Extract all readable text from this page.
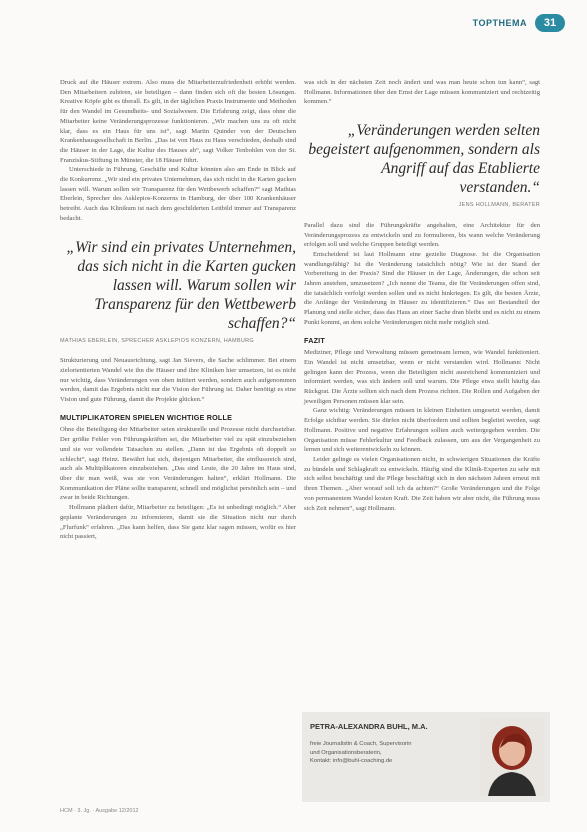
TOPTHEMA	31

Druck auf die Häuser extrem. Also muss die Mitarbeiterzufriedenheit erhöht werden. Den Mitarbeitern zuhören, sie beteiligen – dann finden sich oft die besten Lösungen. Kreative Köpfe gibt es überall. Es gilt, in der täglichen Praxis Instrumente und Methoden für den Wandel im Gesundheits- und Sozialwesen. Die Erfahrung zeigt, dass ohne die Mitarbeiter keine Veränderungsprozesse funktionieren. „Wir machen uns zu oft nicht klar, dass es ein Haus für uns ist“, sagt Martin Quinder von der Deutschen Krankenhausgesellschaft in Berlin. „Das ist von Haus zu Haus verschieden, deshalb sind die Häuser in der Lage, die Kultur des Hauses ab“, sagt Volker Tenbohlen von der St. Franziskus-Stiftung in Münster, die 18 Häuser führt.

Unterschiede in Führung, Geschäfte und Kultur könnten also am Ende in Blick auf die Konkurrenz. „Wir sind ein privates Unternehmen, das sich nicht in die Karten gucken lassen will. Warum sollen wir Transparenz für den Wettbewerb schaffen?“ sagt Mathias Eberlein, Sprecher des Asklepios-Konzerns in Hamburg, der über 100 Krankenhäuser betreibt. Auch das Klinikum ist nach dem geschilderten Leitbild immer auf Transparenz bedacht.

„Wir sind ein privates Unternehmen, das sich nicht in die Karten gucken lassen will. Warum sollen wir Transparenz für den Wettbewerb schaffen?“
MATHIAS EBERLEIN, SPRECHER ASKLEPIOS KONZERN, HAMBURG

Strukturierung und Neuausrichtung, sagt Jan Sievers, die Sache schlimmer. Bei einem zielorientierten Wandel wie ihn die Häuser und ihre Kliniken hier umsetzen, ist es nicht nur wichtig, dass Veränderungen von oben initiiert werden, sondern auch aufgenommen werden, damit das Ergebnis nicht nur die Vision der Führung ist. Daher benötigt es eine Vision und gute Führung, damit die Projekte glücken.“

MULTIPLIKATOREN SPIELEN WICHTIGE ROLLE

Ohne die Beteiligung der Mitarbeiter seien strukturelle und Prozesse nicht durchsetzbar. Der größte Fehler von Führungskräften sei, die Mitarbeiter viel zu spät einzubeziehen und sie vor vollendete Tatsachen zu stellen. „Dann ist das Ergebnis oft doppelt so schlecht“, sagt Heinz. Bewährt hat sich, diejenigen Mitarbeiter, die einflussreich sind, auch als Multiplikatoren einzubeziehen. „Das sind Leute, die 20 Jahre im Haus sind, über die man weiß, was sie von Veränderungen halten“, erklärt Hollmann. Die Kommunikation der Pläne sollte transparent, schnell und möglichst persönlich sein – und zwar in beide Richtungen.

Hollmann plädiert dafür, Mitarbeiter zu beteiligen: „Es ist unbedingt möglich.“ Aber geplante Veränderungen zu informieren, damit sie die Situation nicht nur durch „Flurfunk“ erfahren. „Das kann helfen, dass Sie ganz klar sagen müssen, wofür es hier nicht passiert,

was sich in der nächsten Zeit noch ändert und was man heute schon tun kann“, sagt Hollmann. Informationen über den Ernst der Lage müssen kommuniziert und rechtzeitig kommen.“

„Veränderungen werden selten begeistert aufgenommen, sondern als Angriff auf das Etablierte verstanden.“
JENS HOLLMANN, BERATER

Parallel dazu sind die Führungskräfte angehalten, eine Architektur für den Veränderungsprozess zu entwickeln und zu formulieren, bis wann welche Veränderung erfolgen soll und welche Gruppen beteiligt werden.

Entscheidend ist laut Hollmann eine gezielte Diagnose. Ist die Organisation wandlungsfähig? Ist die Veränderung tatsächlich nötig? Wie ist der Stand der Vorbereitung in der Praxis? Sind die Häuser in der Lage, Änderungen, die schon seit Jahren anstehen, umzusetzen? „Ich nenne die Teams, die für Veränderungen offen sind, die tatsächlich verfolgt werden sollen und es nicht hinkriegen. Es gilt, die besten Ärzte, die Anfänge der Veränderung in Häuser zu identifizieren.“ Das sei Bestandteil der Planung und stelle sicher, dass das Haus an einer Sache dran bleibt und es nicht zu einem Punkt kommt, an dem solche Veränderungen nicht mehr möglich sind.

FAZIT

Mediziner, Pflege und Verwaltung müssen gemeinsam lernen, wie Wandel funktioniert. Ein Wandel ist nicht umsetzbar, wenn er nicht verstanden wird. Hollmann: Nicht gelingen kann der Prozess, wenn die Beteiligten nicht ausreichend kommuniziert und informiert werden, was sich ändern soll und warum. Die Pflege etwa stellt häufig das Rückgrat. Die Ärzte sollten sich nach dem Prozess richten. Die Rollen und Aufgaben der jeweiligen Personen müssen klar sein.

Ganz wichtig: Veränderungen müssen in kleinen Einheiten umgesetzt werden, damit Erfolge sichtbar werden. Sie dürfen nicht überfordern und sollten begleitet werden, sagt Hollmann. Positive und negative Erfahrungen sollten auch weitergegeben werden. Die Organisation müsse Fehlerkultur und Feedback zulassen, um aus der Vergangenheit zu lernen und sich weiterentwickeln zu können.

Leider gelinge es vielen Organisationen nicht, in schwierigen Situationen die Kräfte zu bündeln und Schlagkraft zu entwickeln. Häufig sind die Klinik-Experten zu sehr mit sich selbst beschäftigt und die Pflege beschäftigt sich in den nächsten Jahren erneut mit ihren Themen. „Aber worauf soll ich da achten?“ Große Veränderungen und die Folge von permanentem Wandel kosten Kraft. Die Zeit haben wir aber nicht, die Führung muss sich Zeit nehmen“, sagt Hollmann.

PETRA-ALEXANDRA BUHL, M.A.
freie Journalistin & Coach, Supervisorin
und Organisationsberaterin,
Kontakt: info@buhl-coaching.de
HCM · 3. Jg. · Ausgabe 12/2012
